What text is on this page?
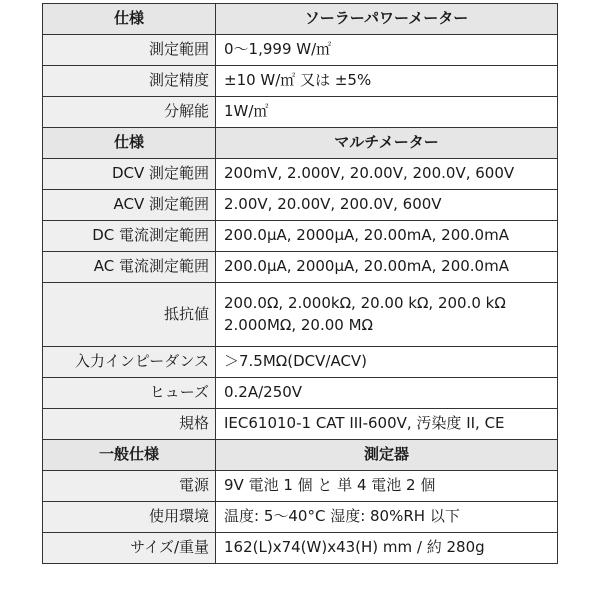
仕様	ソーラーパワーメーター
測定範囲	0～1,999 W/㎡
測定精度	±10 W/㎡ 又は ±5%
分解能	1W/㎡
仕様	マルチメーター
DCV 測定範囲	200mV, 2.000V, 20.00V, 200.0V, 600V
ACV 測定範囲	2.00V, 20.00V, 200.0V, 600V
DC 電流測定範囲	200.0μA, 2000μA, 20.00mA, 200.0mA
AC 電流測定範囲	200.0μA, 2000μA, 20.00mA, 200.0mA
抵抗値	200.0Ω, 2.000kΩ, 20.00 kΩ, 200.0 kΩ
2.000MΩ, 20.00 MΩ

入力インピーダンス	＞7.5MΩ(DCV/ACV)
ヒューズ	0.2A/250V
規格	IEC61010-1 CAT III-600V, 汚染度 II, CE
一般仕様	測定器
電源	9V 電池 1 個 と 単 4 電池 2 個
使用環境	温度: 5～40°C 湿度: 80%RH 以下
サイズ/重量	162(L)x74(W)x43(H) mm / 約 280g
